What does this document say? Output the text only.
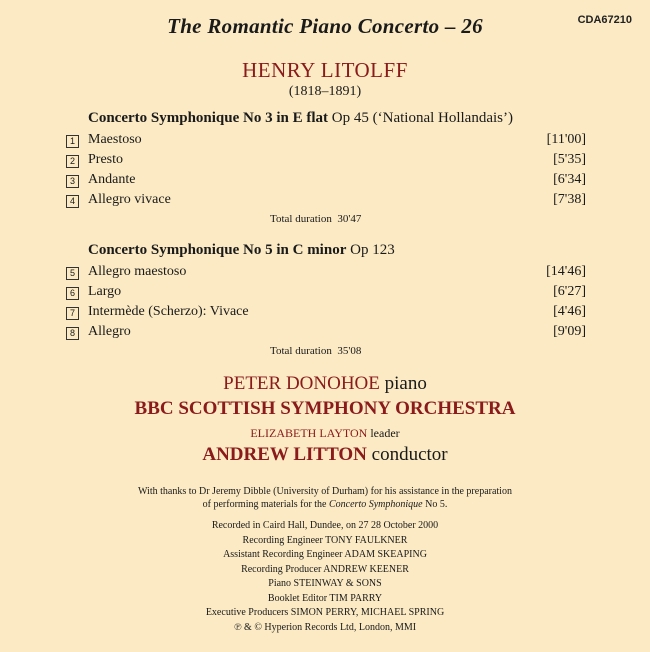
The Romantic Piano Concerto – 26	CDA67210
HENRY LITOLFF
(1818–1891)
Concerto Symphonique No 3 in E flat Op 45 (‘National Hollandais’)
1 Maestoso	[11'00]
2 Presto	[5'35]
3 Andante	[6'34]
4 Allegro vivace	[7'38]
Total duration 30'47
Concerto Symphonique No 5 in C minor Op 123
5 Allegro maestoso	[14'46]
6 Largo	[6'27]
7 Intermède (Scherzo): Vivace	[4'46]
8 Allegro	[9'09]
Total duration 35'08
PETER DONOHOE piano
BBC SCOTTISH SYMPHONY ORCHESTRA
ELIZABETH LAYTON leader
ANDREW LITTON conductor
With thanks to Dr Jeremy Dibble (University of Durham) for his assistance in the preparation
of performing materials for the Concerto Symphonique No 5.
Recorded in Caird Hall, Dundee, on 27 28 October 2000
Recording Engineer TONY FAULKNER
Assistant Recording Engineer ADAM SKEAPING
Recording Producer ANDREW KEENER
Piano STEINWAY & SONS
Booklet Editor TIM PARRY
Executive Producers SIMON PERRY, MICHAEL SPRING
℗ & © Hyperion Records Ltd, London, MMI
